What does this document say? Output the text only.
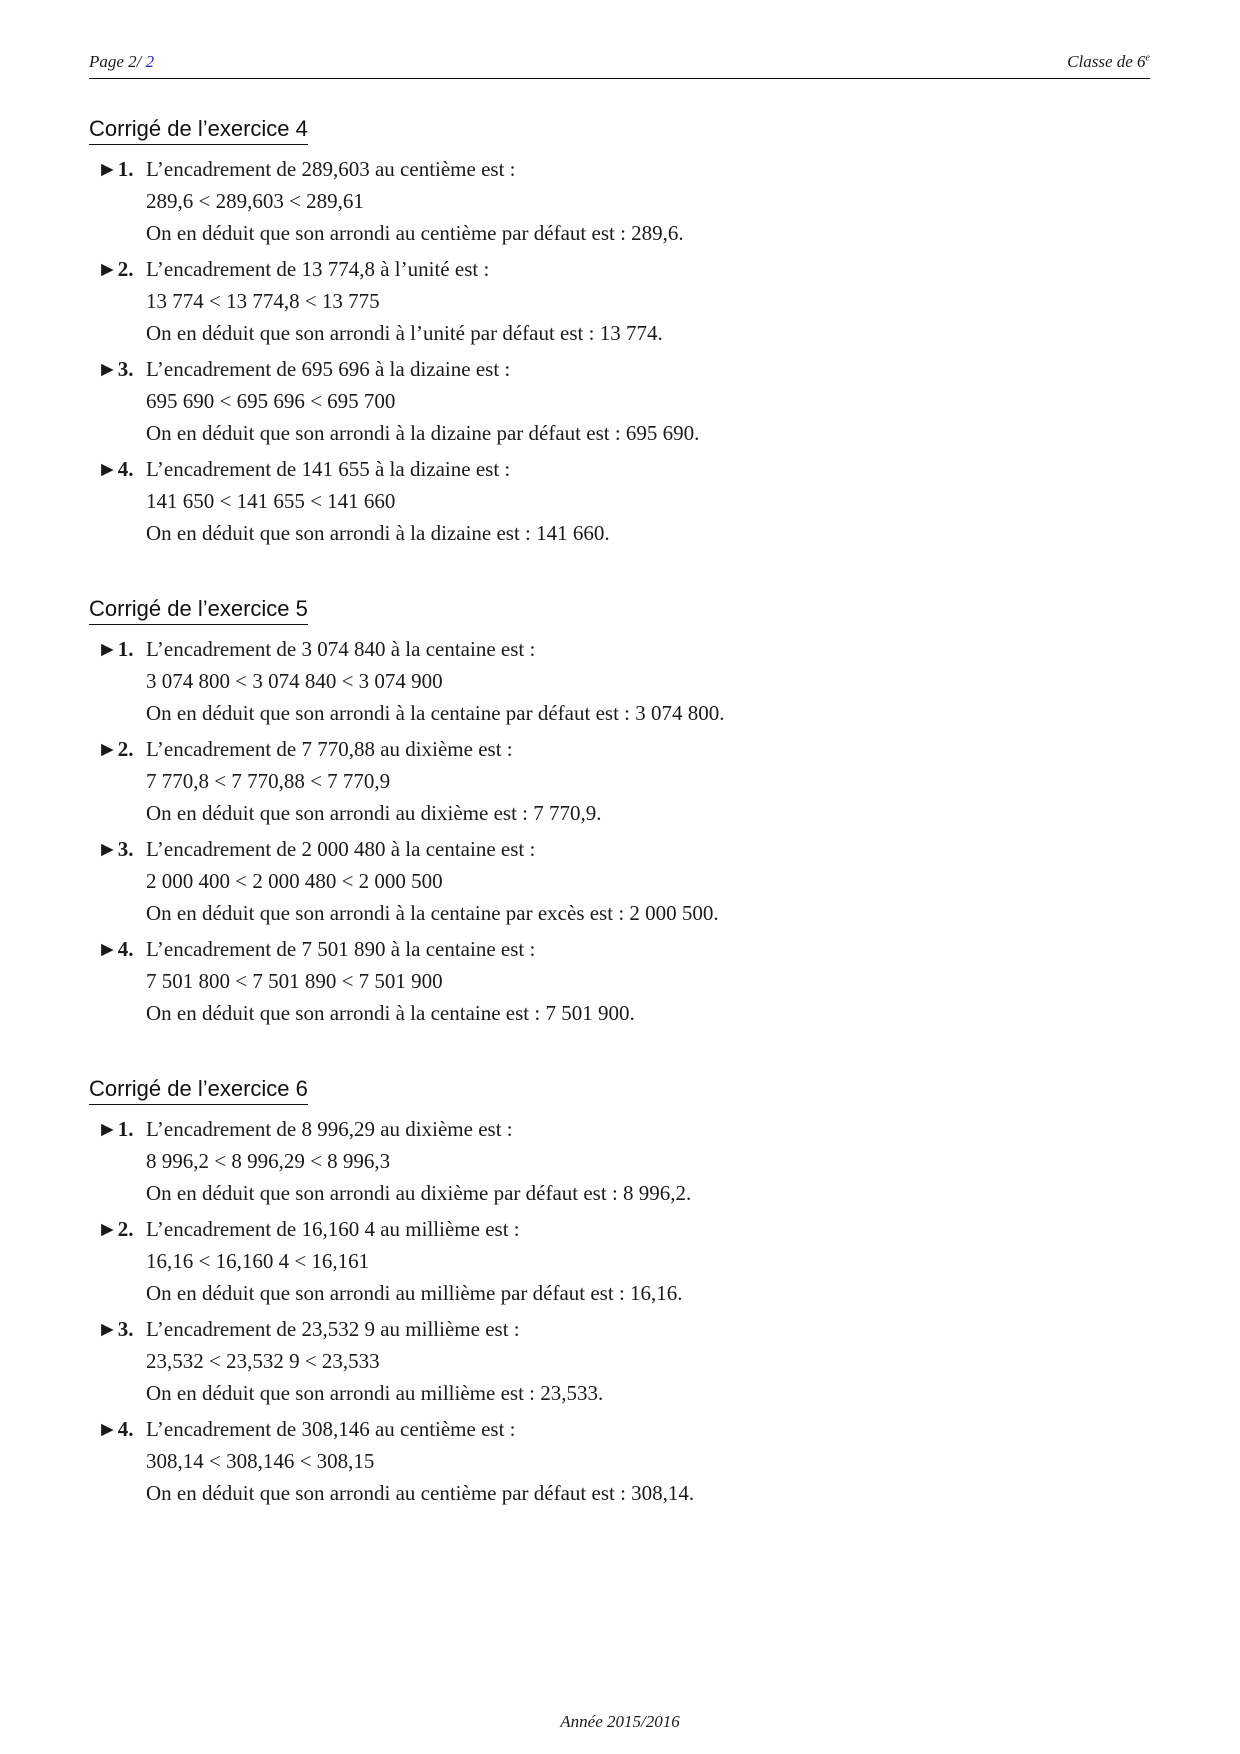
Page 2/ 2	Classe de 6e
Corrigé de l’exercice 4
►1. L’encadrement de 289,603 au centième est :
289,6 < 289,603 < 289,61
On en déduit que son arrondi au centième par défaut est : 289,6.
►2. L’encadrement de 13 774,8 à l’unité est :
13 774 < 13 774,8 < 13 775
On en déduit que son arrondi à l’unité par défaut est : 13 774.
►3. L’encadrement de 695 696 à la dizaine est :
695 690 < 695 696 < 695 700
On en déduit que son arrondi à la dizaine par défaut est : 695 690.
►4. L’encadrement de 141 655 à la dizaine est :
141 650 < 141 655 < 141 660
On en déduit que son arrondi à la dizaine est : 141 660.
Corrigé de l’exercice 5
►1. L’encadrement de 3 074 840 à la centaine est :
3 074 800 < 3 074 840 < 3 074 900
On en déduit que son arrondi à la centaine par défaut est : 3 074 800.
►2. L’encadrement de 7 770,88 au dixième est :
7 770,8 < 7 770,88 < 7 770,9
On en déduit que son arrondi au dixième est : 7 770,9.
►3. L’encadrement de 2 000 480 à la centaine est :
2 000 400 < 2 000 480 < 2 000 500
On en déduit que son arrondi à la centaine par excès est : 2 000 500.
►4. L’encadrement de 7 501 890 à la centaine est :
7 501 800 < 7 501 890 < 7 501 900
On en déduit que son arrondi à la centaine est : 7 501 900.
Corrigé de l’exercice 6
►1. L’encadrement de 8 996,29 au dixième est :
8 996,2 < 8 996,29 < 8 996,3
On en déduit que son arrondi au dixième par défaut est : 8 996,2.
►2. L’encadrement de 16,160 4 au millième est :
16,16 < 16,160 4 < 16,161
On en déduit que son arrondi au millième par défaut est : 16,16.
►3. L’encadrement de 23,532 9 au millième est :
23,532 < 23,532 9 < 23,533
On en déduit que son arrondi au millième est : 23,533.
►4. L’encadrement de 308,146 au centième est :
308,14 < 308,146 < 308,15
On en déduit que son arrondi au centième par défaut est : 308,14.
Année 2015/2016
